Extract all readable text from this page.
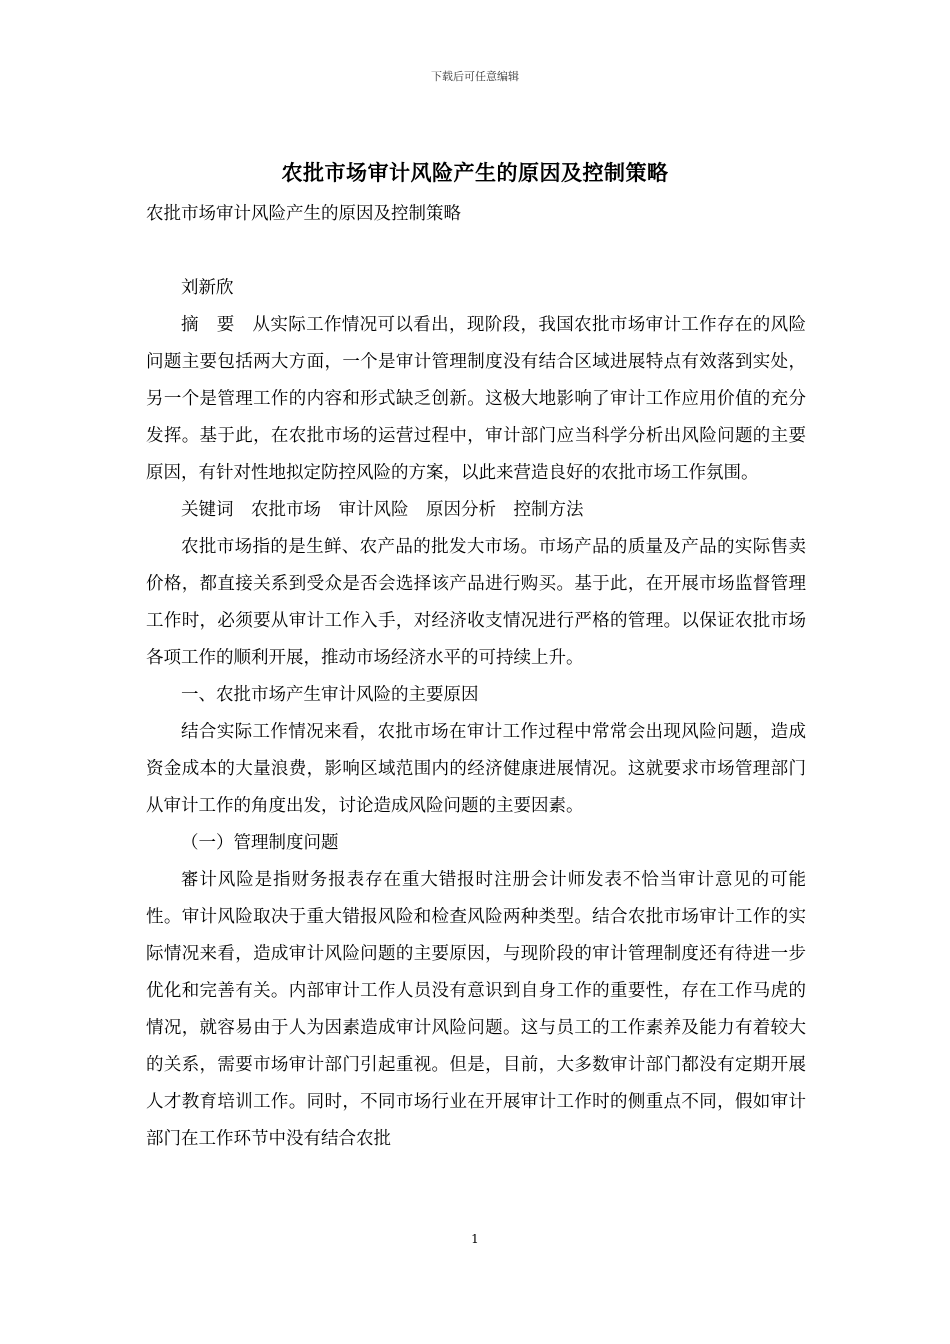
下载后可任意编辑
农批市场审计风险产生的原因及控制策略

农批市场审计风险产生的原因及控制策略

刘新欣

摘　要　从实际工作情况可以看出，现阶段，我国农批市场审计工作存在的风险问题主要包括两大方面，一个是审计管理制度没有结合区域进展特点有效落到实处，另一个是管理工作的内容和形式缺乏创新。这极大地影响了审计工作应用价值的充分发挥。基于此，在农批市场的运营过程中，审计部门应当科学分析出风险问题的主要原因，有针对性地拟定防控风险的方案，以此来营造良好的农批市场工作氛围。

关键词　农批市场　审计风险　原因分析　控制方法

农批市场指的是生鲜、农产品的批发大市场。市场产品的质量及产品的实际售卖价格，都直接关系到受众是否会选择该产品进行购买。基于此，在开展市场监督管理工作时，必须要从审计工作入手，对经济收支情况进行严格的管理。以保证农批市场各项工作的顺利开展，推动市场经济水平的可持续上升。

一、农批市场产生审计风险的主要原因

结合实际工作情况来看，农批市场在审计工作过程中常常会出现风险问题，造成资金成本的大量浪费，影响区域范围内的经济健康进展情况。这就要求市场管理部门从审计工作的角度出发，讨论造成风险问题的主要因素。

（一）管理制度问题

審计风险是指财务报表存在重大错报时注册会计师发表不恰当审计意见的可能性。审计风险取决于重大错报风险和检查风险两种类型。结合农批市场审计工作的实际情况来看，造成审计风险问题的主要原因，与现阶段的审计管理制度还有待进一步优化和完善有关。内部审计工作人员没有意识到自身工作的重要性，存在工作马虎的情况，就容易由于人为因素造成审计风险问题。这与员工的工作素养及能力有着较大的关系，需要市场审计部门引起重视。但是，目前，大多数审计部门都没有定期开展人才教育培训工作。同时，不同市场行业在开展审计工作时的侧重点不同，假如审计部门在工作环节中没有结合农批

1
